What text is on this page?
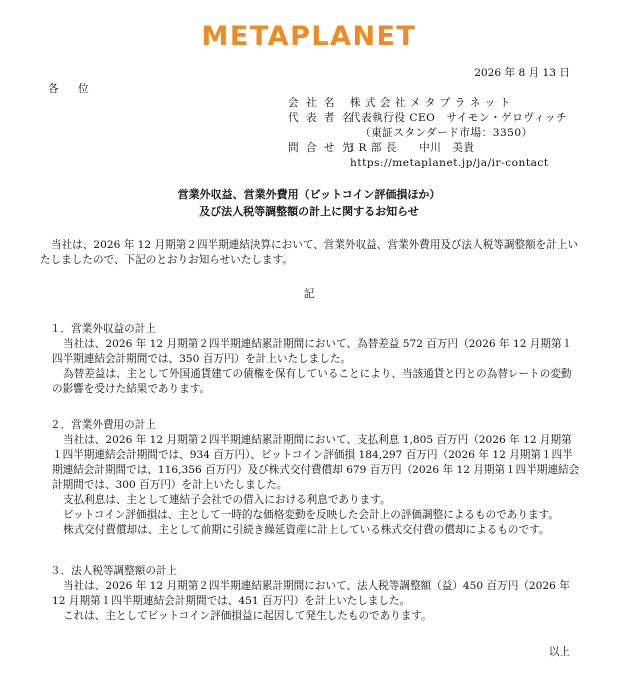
METAPLANET
2026 年 8 月 13 日
各 位
会 社 名	株 式 会 社 メ タ プ ラ ネ ッ ト
代 表 者 名
代表執行役 CEO　サイモン・ゲロヴィッチ
（東証スタンダード市場：3350）
問 合 せ 先
I R 部 長　　中川　美貴
https://metaplanet.jp/ja/ir-contact
営業外収益、営業外費用（ビットコイン評価損ほか）
及び法人税等調整額の計上に関するお知らせ

当社は、2026 年 12 月期第２四半期連結決算において、営業外収益、営業外費用及び法人税等調整額を計上いたしましたので、下記のとおりお知らせいたします。

記

１．営業外収益の計上

当社は、2026 年 12 月期第２四半期連結累計期間において、為替差益 572 百万円（2026 年 12 月期第１四半期連結会計期間では、350 百万円）を計上いたしました。

為替差益は、主として外国通貨建ての債権を保有していることにより、当該通貨と円との為替レートの変動の影響を受けた結果であります。

２．営業外費用の計上

当社は、2026 年 12 月期第２四半期連結累計期間において、支払利息 1,805 百万円（2026 年 12 月期第１四半期連結会計期間では、934 百万円）、ビットコイン評価損 184,297 百万円（2026 年 12 月期第１四半期連結会計期間では、116,356 百万円）及び株式交付費償却 679 百万円（2026 年 12 月期第１四半期連結会計期間では、300 百万円）を計上いたしました。

支払利息は、主として連結子会社での借入における利息であります。

ビットコイン評価損は、主として一時的な価格変動を反映した会計上の評価調整によるものであります。

株式交付費償却は、主として前期に引続き繰延資産に計上している株式交付費の償却によるものです。

３．法人税等調整額の計上

当社は、2026 年 12 月期第２四半期連結累計期間において、法人税等調整額（益）450 百万円（2026 年 12 月期第１四半期連結会計期間では、451 百万円）を計上いたしました。

これは、主としてビットコイン評価損益に起因して発生したものであります。

以上
